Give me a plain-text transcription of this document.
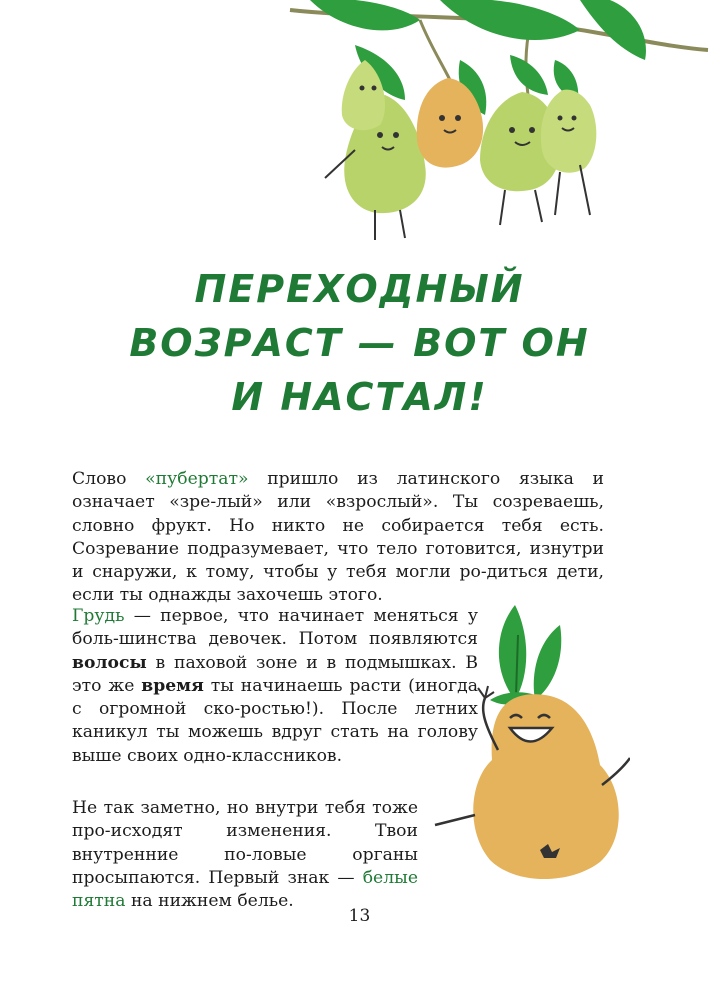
ПЕРЕХОДНЫЙ
ВОЗРАСТ — ВОТ ОН
И НАСТАЛ!

Слово «пубертат» пришло из латинского языка и означает «зре-лый» или «взрослый». Ты созреваешь, словно фрукт. Но никто не собирается тебя есть. Созревание подразумевает, что тело готовится, изнутри и снаружи, к тому, чтобы у тебя могли ро-диться дети, если ты однажды захочешь этого.

Грудь — первое, что начинает меняться у боль-шинства девочек. Потом появляются волосы в паховой зоне и в подмышках. В это же время ты начинаешь расти (иногда с огромной ско-ростью!). После летних каникул ты можешь вдруг стать на голову выше своих одно-классников.

Не так заметно, но внутри тебя тоже про-исходят изменения. Твои внутренние по-ловые органы просыпаются. Первый знак — белые пятна на нижнем белье.

13
